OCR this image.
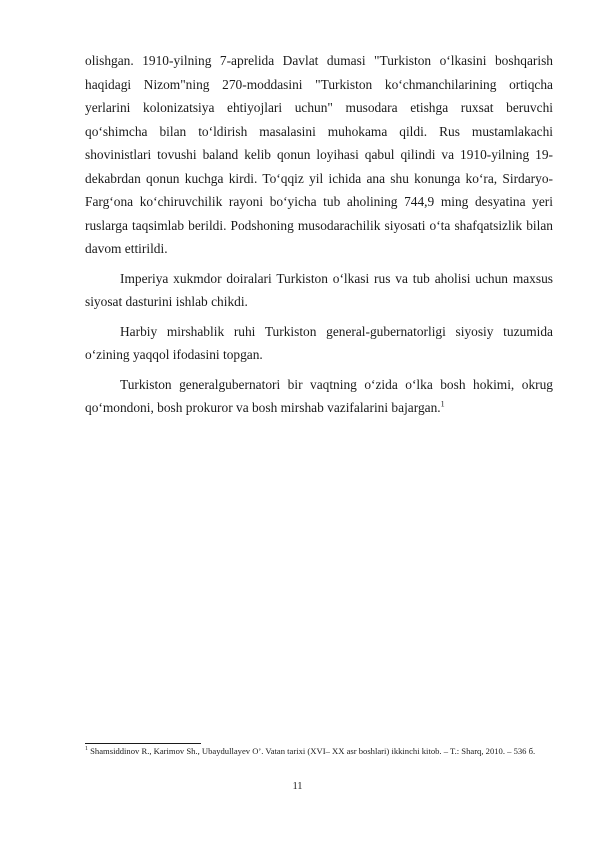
olishgan. 1910-yilning 7-aprelida Davlat dumasi "Turkiston o‘lkasini boshqarish haqidagi Nizom"ning 270-moddasini "Turkiston ko‘chmanchilarining ortiqcha yerlarini kolonizatsiya ehtiyojlari uchun" musodara etishga ruxsat beruvchi qo‘shimcha bilan to‘ldirish masalasini muhokama qildi. Rus mustamlakachi shovinistlari tovushi baland kelib qonun loyihasi qabul qilindi va 1910-yilning 19-dekabrdan qonun kuchga kirdi. To‘qqiz yil ichida ana shu konunga ko‘ra, Sirdaryo-Farg‘ona ko‘chiruvchilik rayoni bo‘yicha tub aholining 744,9 ming desyatina yeri ruslarga taqsimlab berildi. Podshoning musodarachilik siyosati o‘ta shafqatsizlik bilan davom ettirildi.

Imperiya xukmdor doiralari Turkiston o‘lkasi rus va tub aholisi uchun maxsus siyosat dasturini ishlab chikdi.

Harbiy mirshablik ruhi Turkiston general-gubernatorligi siyosiy tuzumida o‘zining yaqqol ifodasini topgan.

Turkiston generalgubernatori bir vaqtning o‘zida o‘lka bosh hokimi, okrug qo‘mondoni, bosh prokuror va bosh mirshab vazifalarini bajargan.$^1$

$^1$ Shamsiddinov R., Karimov Sh., Ubaydullayev O’. Vatan tarixi (XVI– XX asr boshlari) ikkinchi kitob. – T.: Sharq, 2010. – 536 б.
11
